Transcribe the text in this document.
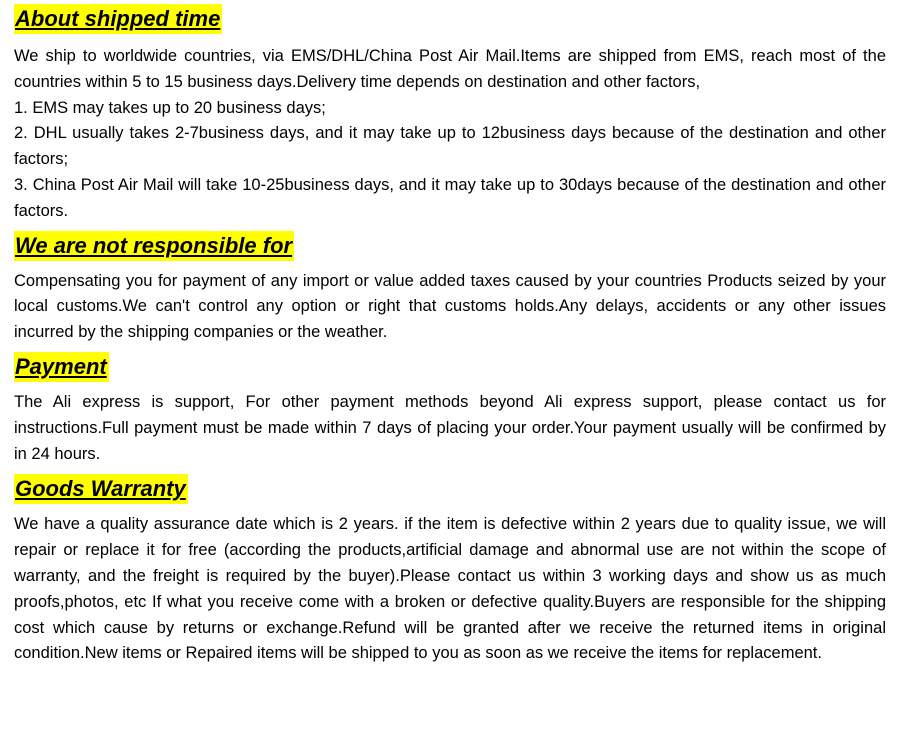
About shipped time

We ship to worldwide countries, via EMS/DHL/China Post Air Mail.Items are shipped from EMS, reach most of the countries within 5 to 15 business days.Delivery time depends on destination and other factors,

1. EMS may takes up to 20 business days;

2. DHL usually takes 2-7business days, and it may take up to 12business days because of the destination and other factors;

3. China Post Air Mail will take 10-25business days, and it may take up to 30days because of the destination and other factors.

We are not responsible for

Compensating you for payment of any import or value added taxes caused by your countries Products seized by your local customs.We can't control any option or right that customs holds.Any delays, accidents or any other issues incurred by the shipping companies or the weather.

Payment

The Ali express is support, For other payment methods beyond Ali express support, please contact us for instructions.Full payment must be made within 7 days of placing your order.Your payment usually will be confirmed by in 24 hours.

Goods Warranty

We have a quality assurance date which is 2 years. if the item is defective within 2 years due to quality issue, we will repair or replace it for free (according the products,artificial damage and abnormal use are not within the scope of warranty, and the freight is required by the buyer).Please contact us within 3 working days and show us as much proofs,photos, etc If what you receive come with a broken or defective quality.Buyers are responsible for the shipping cost which cause by returns or exchange.Refund will be granted after we receive the returned items in original condition.New items or Repaired items will be shipped to you as soon as we receive the items for replacement.
